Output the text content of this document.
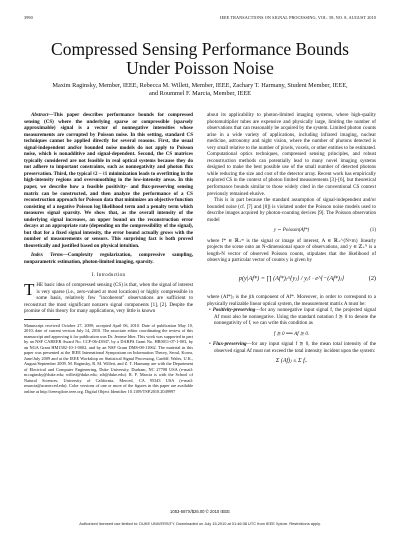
3990	IEEE TRANSACTIONS ON SIGNAL PROCESSING, VOL. 58, NO. 8, AUGUST 2010
Compressed Sensing Performance Bounds
Under Poisson Noise
Maxim Raginsky, Member, IEEE, Rebecca M. Willett, Member, IEEE, Zachary T. Harmany, Student Member, IEEE,
and Roummel F. Marcia, Member, IEEE

Abstract—This paper describes performance bounds for compressed sensing (CS) where the underlying sparse or compressible (sparsely approximable) signal is a vector of nonnegative intensities whose measurements are corrupted by Poisson noise. In this setting, standard CS techniques cannot be applied directly for several reasons. First, the usual signal-independent and/or bounded noise models do not apply to Poisson noise, which is nonadditive and signal-dependent. Second, the CS matrices typically considered are not feasible in real optical systems because they do not adhere to important constraints, such as nonnegativity and photon flux preservation. Third, the typical ℓ2 – ℓ1 minimization leads to overfitting in the high-intensity regions and oversmoothing in the low-intensity areas. In this paper, we describe how a feasible positivity- and flux-preserving sensing matrix can be constructed, and then analyze the performance of a CS reconstruction approach for Poisson data that minimizes an objective function consisting of a negative Poisson log likelihood term and a penalty term which measures signal sparsity. We show that, as the overall intensity of the underlying signal increases, an upper bound on the reconstruction error decays at an appropriate rate (depending on the compressibility of the signal), but that for a fixed signal intensity, the error bound actually grows with the number of measurements or sensors. This surprising fact is both proved theoretically and justified based on physical intuition.

Index Terms—Complexity regularization, compressive sampling, nonparametric estimation, photon-limited imaging, sparsity.

I. Introduction

THE basic idea of compressed sensing (CS) is that, when the signal of interest is very sparse (i.e., zero-valued at most locations) or highly compressible in some basis, relatively few "incoherent" observations are sufficient to reconstruct the most significant nonzero signal components [1], [2]. Despite the promise of this theory for many applications, very little is known

Manuscript received October 27, 2009; accepted April 06, 2010. Date of publication May 10, 2010; date of current version July 14, 2010. The associate editor coordinating the review of this manuscript and approving it for publication was Dr. Jerome Idier. This work was supported in part by an NSF CAREER Award No. CCF-06-43947, by a DARPA Grant No. HR0011-07-1-003, by an NGA Grant HM1582-10-1-0002, and by an NSF Grant DMS-08-11062. The material in this paper was presented at the IEEE International Symposium on Information Theory, Seoul, Korea, June/July 2009 and at the IEEE Workshop on Statistical Signal Processing, Cardiff, Wales, U.K., August/September 2009. M. Raginsky, R. M. Willett, and Z. T. Harmany are with the Department of Electrical and Computer Engineering, Duke University, Durham, NC 27708 USA (e-mail: m.raginsky@duke.edu; willett@duke.edu; zth@duke.edu). R. F. Marcia is with the School of Natural Sciences, University of California, Merced, CA 95343 USA (e-mail: rmarcia@ucmerced.edu). Color versions of one or more of the figures in this paper are available online at http://ieeexplore.ieee.org. Digital Object Identifier 10.1109/TSP.2010.2049997

about its applicability to photon-limited imaging systems, where high-quality photomultiplier tubes are expensive and physically large, limiting the number of observations that can reasonably be acquired by the system. Limited photon counts arise in a wide variety of applications, including infrared imaging, nuclear medicine, astronomy and night vision, where the number of photons detected is very small relative to the number of pixels, voxels, or other entities to be estimated. Computational optics techniques, compressed sensing principles, and robust reconstruction methods can potentially lead to many novel imaging systems designed to make the best possible use of the small number of detected photons while reducing the size and cost of the detector array. Recent work has empirically explored CS in the context of photon limited measurements [3]–[6], but theoretical performance bounds similar to those widely cited in the conventional CS context previously remained elusive.

This is in part because the standard assumption of signal-independent and/or bounded noise (cf. [7] and [8]) is violated under the Poisson noise models used to describe images acquired by photon-counting devices [9]. The Poisson observation model

y ∼ Poisson(Af*)	(1)

where f* ∈ ℝ₊ᵐ is the signal or image of interest, A ∈ ℝ₊^{N×m} linearly projects the scene onto an N-dimensional space of observations, and y ∈ ℤ₊ᴺ is a length-N vector of observed Poisson counts, stipulates that the likelihood of observing a particular vector of counts y is given by

p(y|Af*) = ∏ (Af*)ⱼ^{yⱼ} / yⱼ! · e^{−(Af*)ⱼ}	(2)

where (Af*)ⱼ is the jth component of Af*. Moreover, in order to correspond to a physically realizable linear optical system, the measurement matrix A must be:

• Positivity-preserving—for any nonnegative input signal f, the projected signal Af must also be nonnegative. Using the standard notation f ⪰ 0 to denote the nonnegativity of f, we can write this condition as

f ⪰ 0 ⟹ Af ⪰ 0.

• Flux-preserving—for any input signal f ⪰ 0, the mean total intensity of the observed signal Af must not exceed the total intensity incident upon the system:

Σ (Af)ⱼ ≤ Σ fᵢ.
1053-587X/$26.00 © 2010 IEEE
Authorized licensed use limited to: DUKE UNIVERSITY. Downloaded on July 15,2010 at 01:46:38 UTC from IEEE Xplore. Restrictions apply.
